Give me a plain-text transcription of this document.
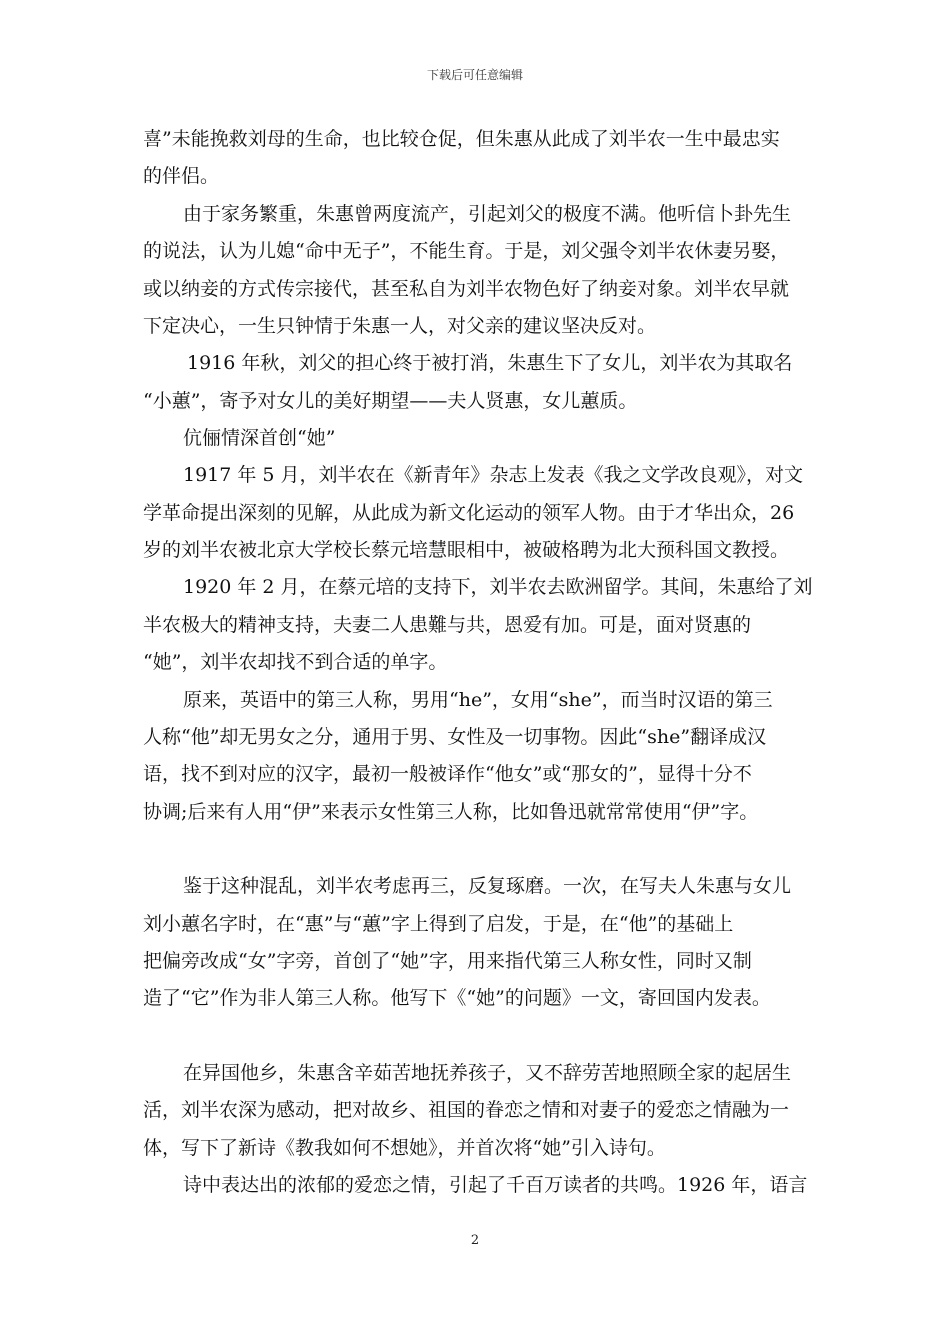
下载后可任意编辑
喜”未能挽救刘母的生命，也比较仓促，但朱惠从此成了刘半农一生中最忠实
的伴侣。
由于家务繁重，朱惠曾两度流产，引起刘父的极度不满。他听信卜卦先生
的说法，认为儿媳“命中无子”，不能生育。于是，刘父强令刘半农休妻另娶，
或以纳妾的方式传宗接代，甚至私自为刘半农物色好了纳妾对象。刘半农早就
下定决心，一生只钟情于朱惠一人，对父亲的建议坚决反对。
1916 年秋，刘父的担心终于被打消，朱惠生下了女儿，刘半农为其取名
“小蕙”，寄予对女儿的美好期望——夫人贤惠，女儿蕙质。
伉俪情深首创“她”
1917 年 5 月，刘半农在《新青年》杂志上发表《我之文学改良观》，对文
学革命提出深刻的见解，从此成为新文化运动的领军人物。由于才华出众，26
岁的刘半农被北京大学校长蔡元培慧眼相中，被破格聘为北大预科国文教授。
1920 年 2 月，在蔡元培的支持下，刘半农去欧洲留学。其间，朱惠给了刘
半农极大的精神支持，夫妻二人患難与共，恩爱有加。可是，面对贤惠的
“她”，刘半农却找不到合适的单字。
原来，英语中的第三人称，男用“he”，女用“she”，而当时汉语的第三
人称“他”却无男女之分，通用于男、女性及一切事物。因此“she”翻译成汉
语，找不到对应的汉字，最初一般被译作“他女”或“那女的”，显得十分不
协调;后来有人用“伊”来表示女性第三人称，比如鲁迅就常常使用“伊”字。
鉴于这种混乱，刘半农考虑再三，反复琢磨。一次，在写夫人朱惠与女儿
刘小蕙名字时，在“惠”与“蕙”字上得到了启发，于是，在“他”的基础上
把偏旁改成“女”字旁，首创了“她”字，用来指代第三人称女性，同时又制
造了“它”作为非人第三人称。他写下《“她”的问题》一文，寄回国内发表。
在异国他乡，朱惠含辛茹苦地抚养孩子，又不辞劳苦地照顾全家的起居生
活，刘半农深为感动，把对故乡、祖国的眷恋之情和对妻子的爱恋之情融为一
体，写下了新诗《教我如何不想她》，并首次将“她”引入诗句。
诗中表达出的浓郁的爱恋之情，引起了千百万读者的共鸣。1926 年，语言
2
